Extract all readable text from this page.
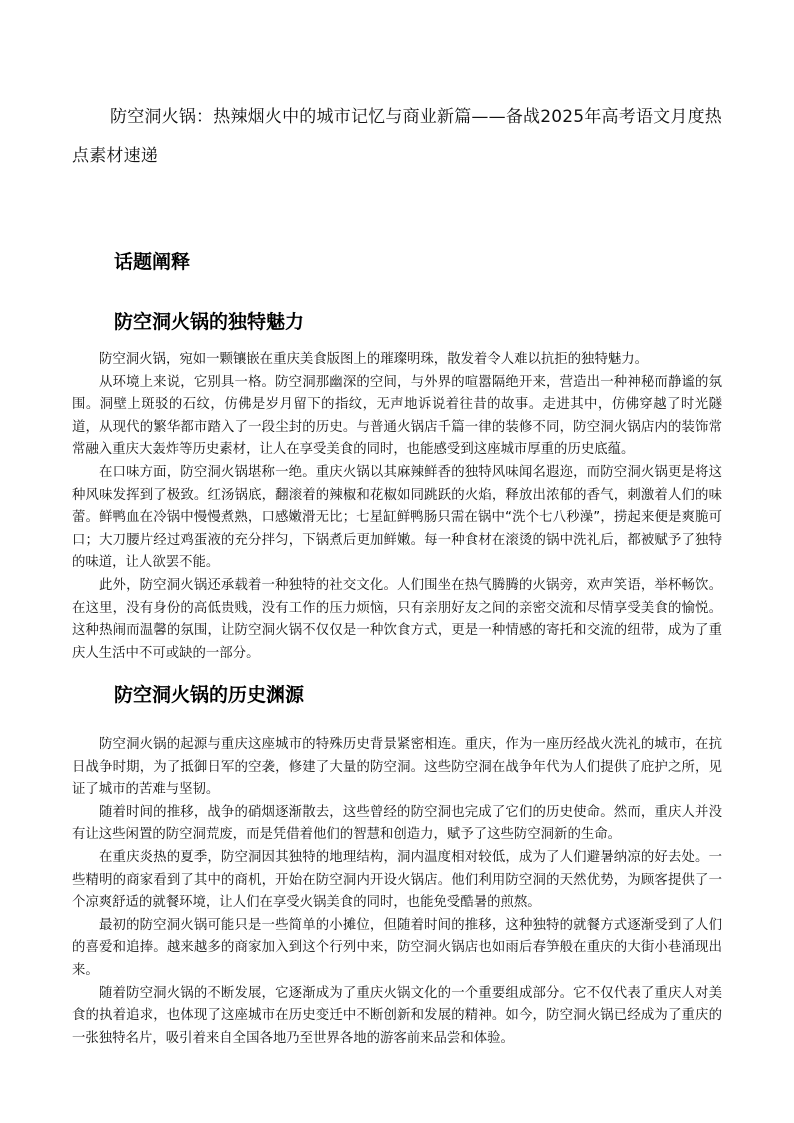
防空洞火锅：热辣烟火中的城市记忆与商业新篇——备战2025年高考语文月度热点素材速递

话题阐释
防空洞火锅的独特魅力

防空洞火锅，宛如一颗镶嵌在重庆美食版图上的璀璨明珠，散发着令人难以抗拒的独特魅力。

从环境上来说，它别具一格。防空洞那幽深的空间，与外界的喧嚣隔绝开来，营造出一种神秘而静谧的氛围。洞壁上斑驳的石纹，仿佛是岁月留下的指纹，无声地诉说着往昔的故事。走进其中，仿佛穿越了时光隧道，从现代的繁华都市踏入了一段尘封的历史。与普通火锅店千篇一律的装修不同，防空洞火锅店内的装饰常常融入重庆大轰炸等历史素材，让人在享受美食的同时，也能感受到这座城市厚重的历史底蕴。

在口味方面，防空洞火锅堪称一绝。重庆火锅以其麻辣鲜香的独特风味闻名遐迩，而防空洞火锅更是将这种风味发挥到了极致。红汤锅底，翻滚着的辣椒和花椒如同跳跃的火焰，释放出浓郁的香气，刺激着人们的味蕾。鲜鸭血在冷锅中慢慢煮熟，口感嫩滑无比；七星缸鲜鸭肠只需在锅中“洗个七八秒澡”，捞起来便是爽脆可口；大刀腰片经过鸡蛋液的充分拌匀，下锅煮后更加鲜嫩。每一种食材在滚烫的锅中洗礼后，都被赋予了独特的味道，让人欲罢不能。

此外，防空洞火锅还承载着一种独特的社交文化。人们围坐在热气腾腾的火锅旁，欢声笑语，举杯畅饮。在这里，没有身份的高低贵贱，没有工作的压力烦恼，只有亲朋好友之间的亲密交流和尽情享受美食的愉悦。这种热闹而温馨的氛围，让防空洞火锅不仅仅是一种饮食方式，更是一种情感的寄托和交流的纽带，成为了重庆人生活中不可或缺的一部分。

防空洞火锅的历史渊源

防空洞火锅的起源与重庆这座城市的特殊历史背景紧密相连。重庆，作为一座历经战火洗礼的城市，在抗日战争时期，为了抵御日军的空袭，修建了大量的防空洞。这些防空洞在战争年代为人们提供了庇护之所，见证了城市的苦难与坚韧。

随着时间的推移，战争的硝烟逐渐散去，这些曾经的防空洞也完成了它们的历史使命。然而，重庆人并没有让这些闲置的防空洞荒废，而是凭借着他们的智慧和创造力，赋予了这些防空洞新的生命。

在重庆炎热的夏季，防空洞因其独特的地理结构，洞内温度相对较低，成为了人们避暑纳凉的好去处。一些精明的商家看到了其中的商机，开始在防空洞内开设火锅店。他们利用防空洞的天然优势，为顾客提供了一个凉爽舒适的就餐环境，让人们在享受火锅美食的同时，也能免受酷暑的煎熬。

最初的防空洞火锅可能只是一些简单的小摊位，但随着时间的推移，这种独特的就餐方式逐渐受到了人们的喜爱和追捧。越来越多的商家加入到这个行列中来，防空洞火锅店也如雨后春笋般在重庆的大街小巷涌现出来。

随着防空洞火锅的不断发展，它逐渐成为了重庆火锅文化的一个重要组成部分。它不仅代表了重庆人对美食的执着追求，也体现了这座城市在历史变迁中不断创新和发展的精神。如今，防空洞火锅已经成为了重庆的一张独特名片，吸引着来自全国各地乃至世界各地的游客前来品尝和体验。
